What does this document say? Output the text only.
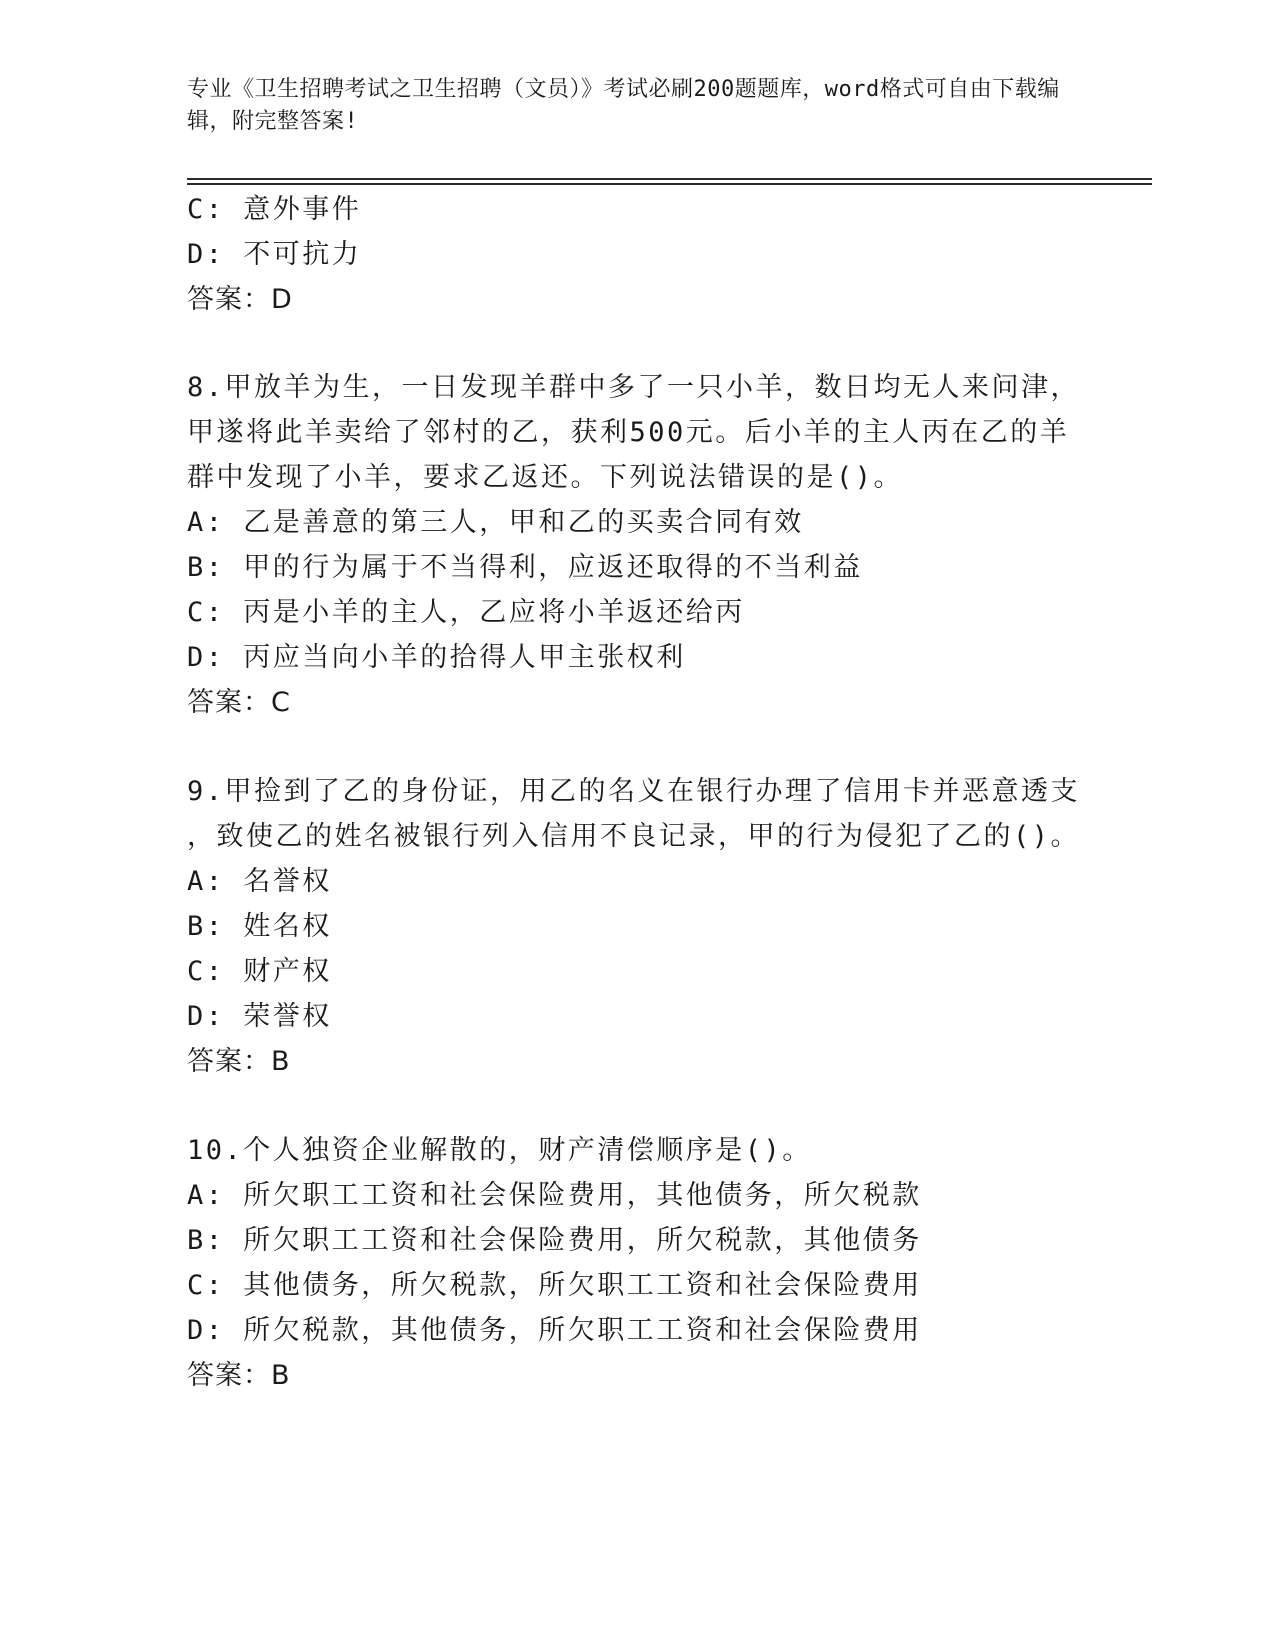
专业《卫生招聘考试之卫生招聘（文员）》考试必刷200题题库，word格式可自由下载编辑，附完整答案!
C: 意外事件
D: 不可抗力
答案：D
8.甲放羊为生，一日发现羊群中多了一只小羊，数日均无人来问津，
甲遂将此羊卖给了邻村的乙，获利500元。后小羊的主人丙在乙的羊
群中发现了小羊，要求乙返还。下列说法错误的是()。
A: 乙是善意的第三人，甲和乙的买卖合同有效
B: 甲的行为属于不当得利，应返还取得的不当利益
C: 丙是小羊的主人，乙应将小羊返还给丙
D: 丙应当向小羊的拾得人甲主张权利
答案：C
9.甲捡到了乙的身份证，用乙的名义在银行办理了信用卡并恶意透支
，致使乙的姓名被银行列入信用不良记录，甲的行为侵犯了乙的()。
A: 名誉权
B: 姓名权
C: 财产权
D: 荣誉权
答案：B
10.个人独资企业解散的，财产清偿顺序是()。
A: 所欠职工工资和社会保险费用，其他债务，所欠税款
B: 所欠职工工资和社会保险费用，所欠税款，其他债务
C: 其他债务，所欠税款，所欠职工工资和社会保险费用
D: 所欠税款，其他债务，所欠职工工资和社会保险费用
答案：B
